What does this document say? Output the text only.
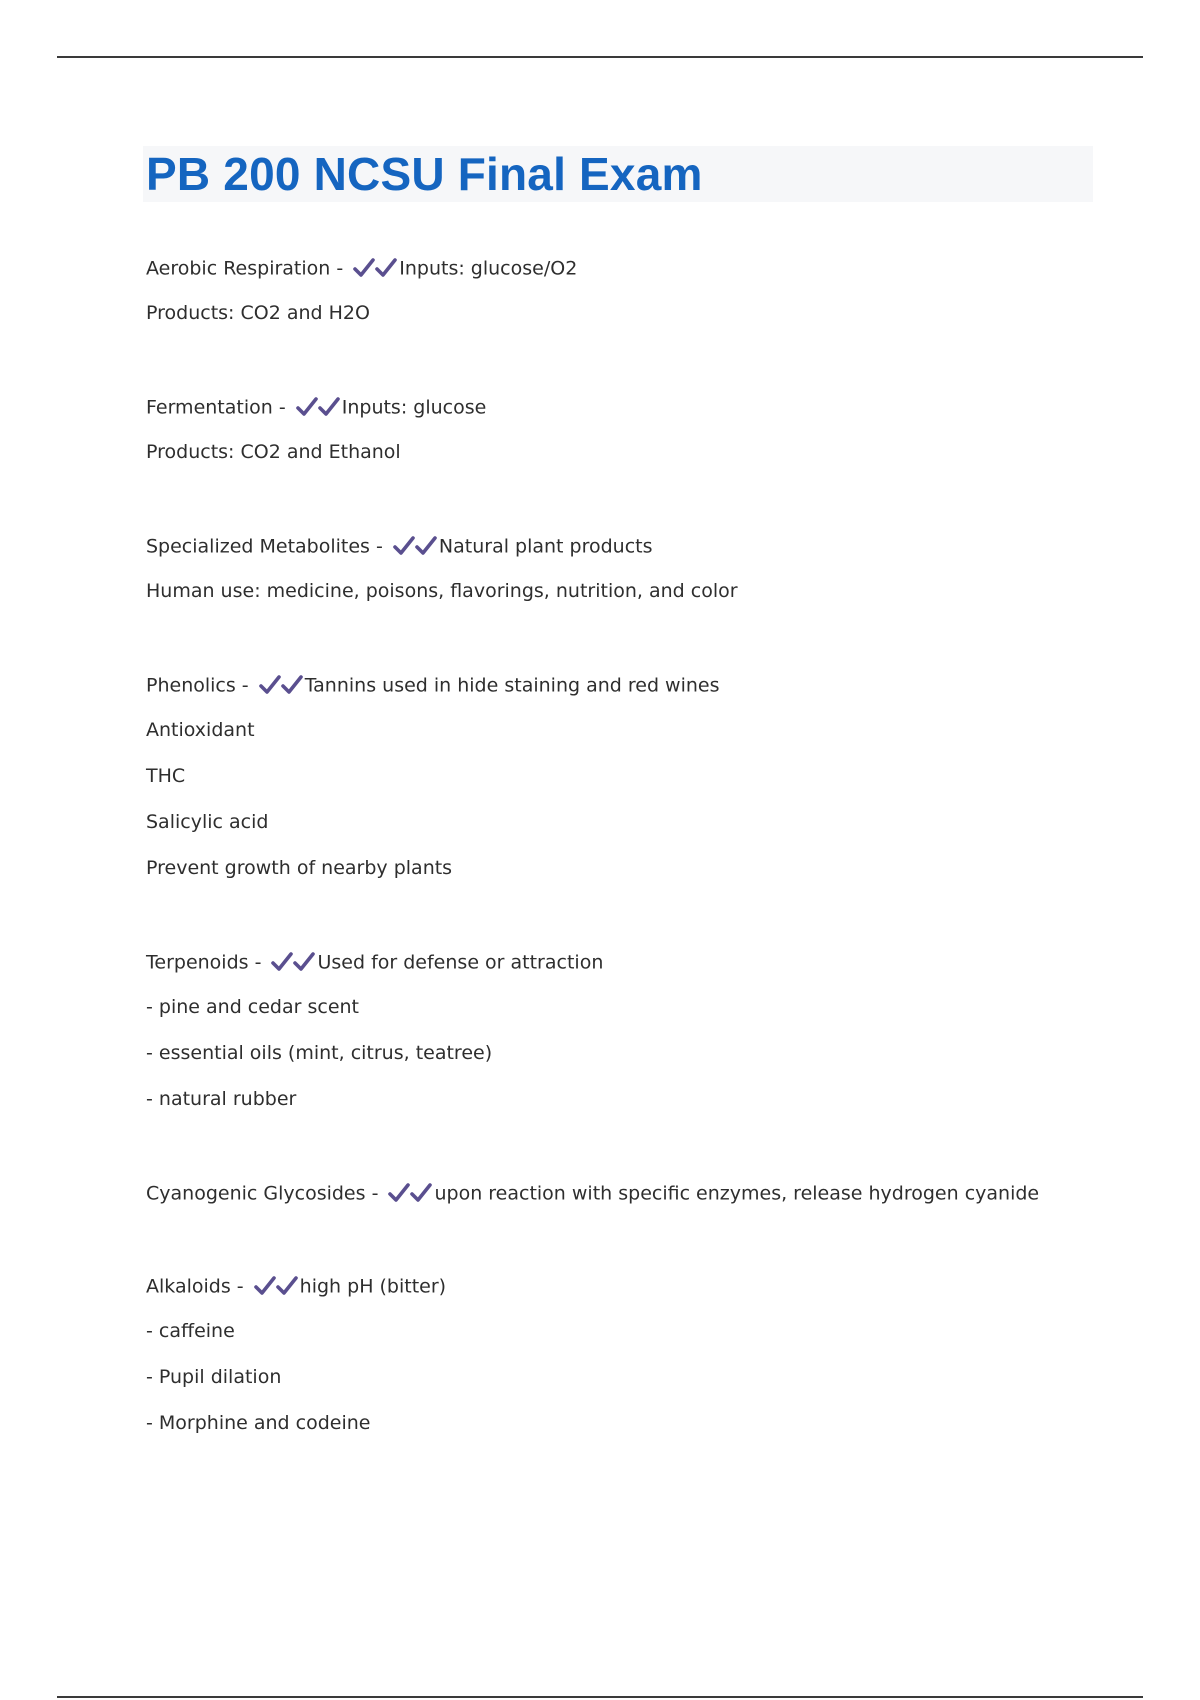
PB 200 NCSU Final Exam
Aerobic Respiration -	Inputs: glucose/O2
Products: CO2 and H2O
Fermentation -	Inputs: glucose
Products: CO2 and Ethanol
Specialized Metabolites -	Natural plant products
Human use: medicine, poisons, flavorings, nutrition, and color
Phenolics -	Tannins used in hide staining and red wines
Antioxidant
THC
Salicylic acid
Prevent growth of nearby plants
Terpenoids -	Used for defense or attraction
- pine and cedar scent
- essential oils (mint, citrus, teatree)
- natural rubber
Cyanogenic Glycosides -	upon reaction with specific enzymes, release hydrogen cyanide
Alkaloids -	high pH (bitter)
- caffeine
- Pupil dilation
- Morphine and codeine
